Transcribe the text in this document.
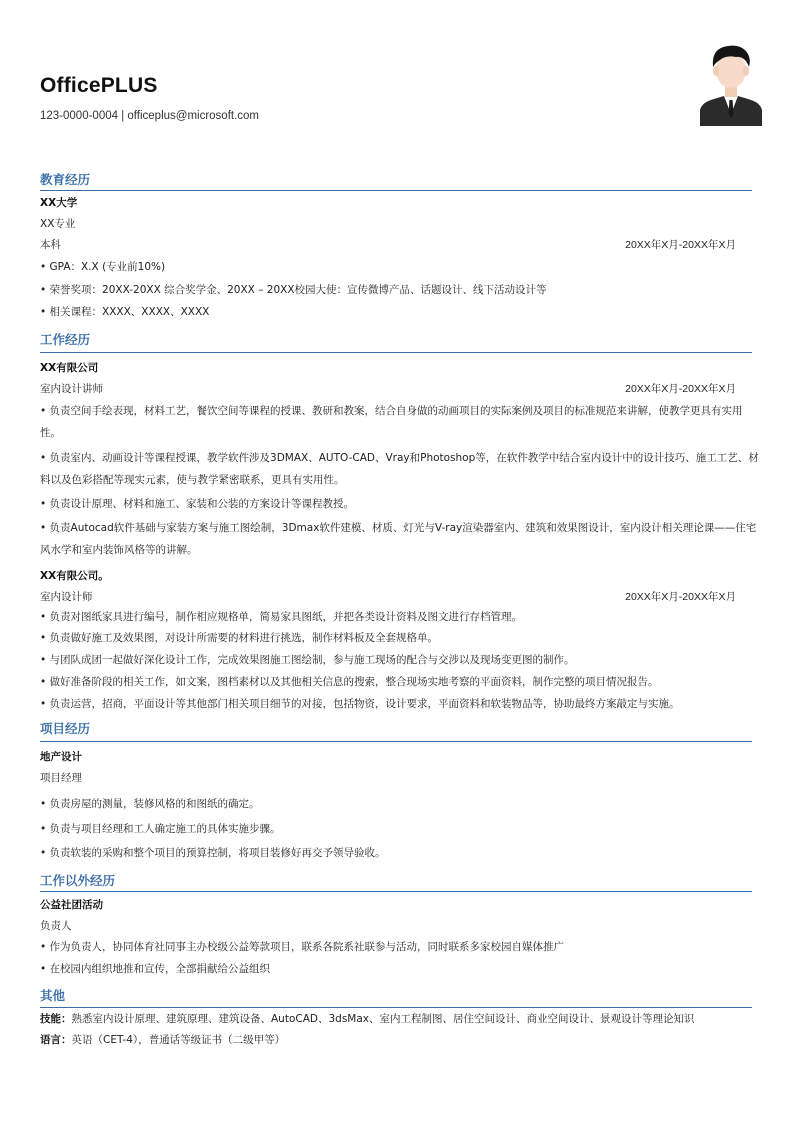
OfficePLUS
123-0000-0004 | officeplus@microsoft.com
教育经历
XX大学
XX专业
本科	20XX年X月-20XX年X月
• GPA：X.X (专业前10%)
• 荣誉奖项：20XX-20XX 综合奖学金、20XX – 20XX校园大使：宣传微博产品、话题设计、线下活动设计等
• 相关课程：XXXX、XXXX、XXXX
工作经历
XX有限公司
室内设计讲师	20XX年X月-20XX年X月
• 负责空间手绘表现，材料工艺，餐饮空间等课程的授课、教研和教案，结合自身做的动画项目的实际案例及项目的标准规范来讲解，使教学更具有实用性。
• 负责室内、动画设计等课程授课，教学软件涉及3DMAX、AUTO-CAD、Vray和Photoshop等，在软件教学中结合室内设计中的设计技巧、施工工艺、材料以及色彩搭配等现实元素，使与教学紧密联系，更具有实用性。
• 负责设计原理、材料和施工、家装和公装的方案设计等课程教授。
• 负责Autocad软件基础与家装方案与施工图绘制，3Dmax软件建模、材质、灯光与V-ray渲染器室内、建筑和效果图设计，室内设计相关理论课——住宅风水学和室内装饰风格等的讲解。
XX有限公司。
室内设计师	20XX年X月-20XX年X月
• 负责对图纸家具进行编号，制作相应规格单，简易家具图纸，并把各类设计资料及图文进行存档管理。
• 负责做好施工及效果图，对设计所需要的材料进行挑选，制作材料板及全套规格单。
• 与团队成团一起做好深化设计工作，完成效果图施工图绘制，参与施工现场的配合与交涉以及现场变更图的制作。
• 做好准备阶段的相关工作，如文案，图档素材以及其他相关信息的搜索，整合现场实地考察的平面资料，制作完整的项目情况报告。
• 负责运营，招商，平面设计等其他部门相关项目细节的对接，包括物资，设计要求，平面资料和软装物品等，协助最终方案敲定与实施。
项目经历
地产设计
项目经理
• 负责房屋的测量，装修风格的和图纸的确定。
• 负责与项目经理和工人确定施工的具体实施步骤。
• 负责软装的采购和整个项目的预算控制，将项目装修好再交予领导验收。
工作以外经历
公益社团活动
负责人
• 作为负责人，协同体育社同事主办校级公益筹款项目，联系各院系社联参与活动，同时联系多家校园自媒体推广
• 在校园内组织地推和宣传，全部捐献给公益组织
其他
技能：熟悉室内设计原理、建筑原理、建筑设备、AutoCAD、3dsMax、室内工程制图、居住空间设计、商业空间设计、景观设计等理论知识
语言：英语（CET-4），普通话等级证书（二级甲等）
